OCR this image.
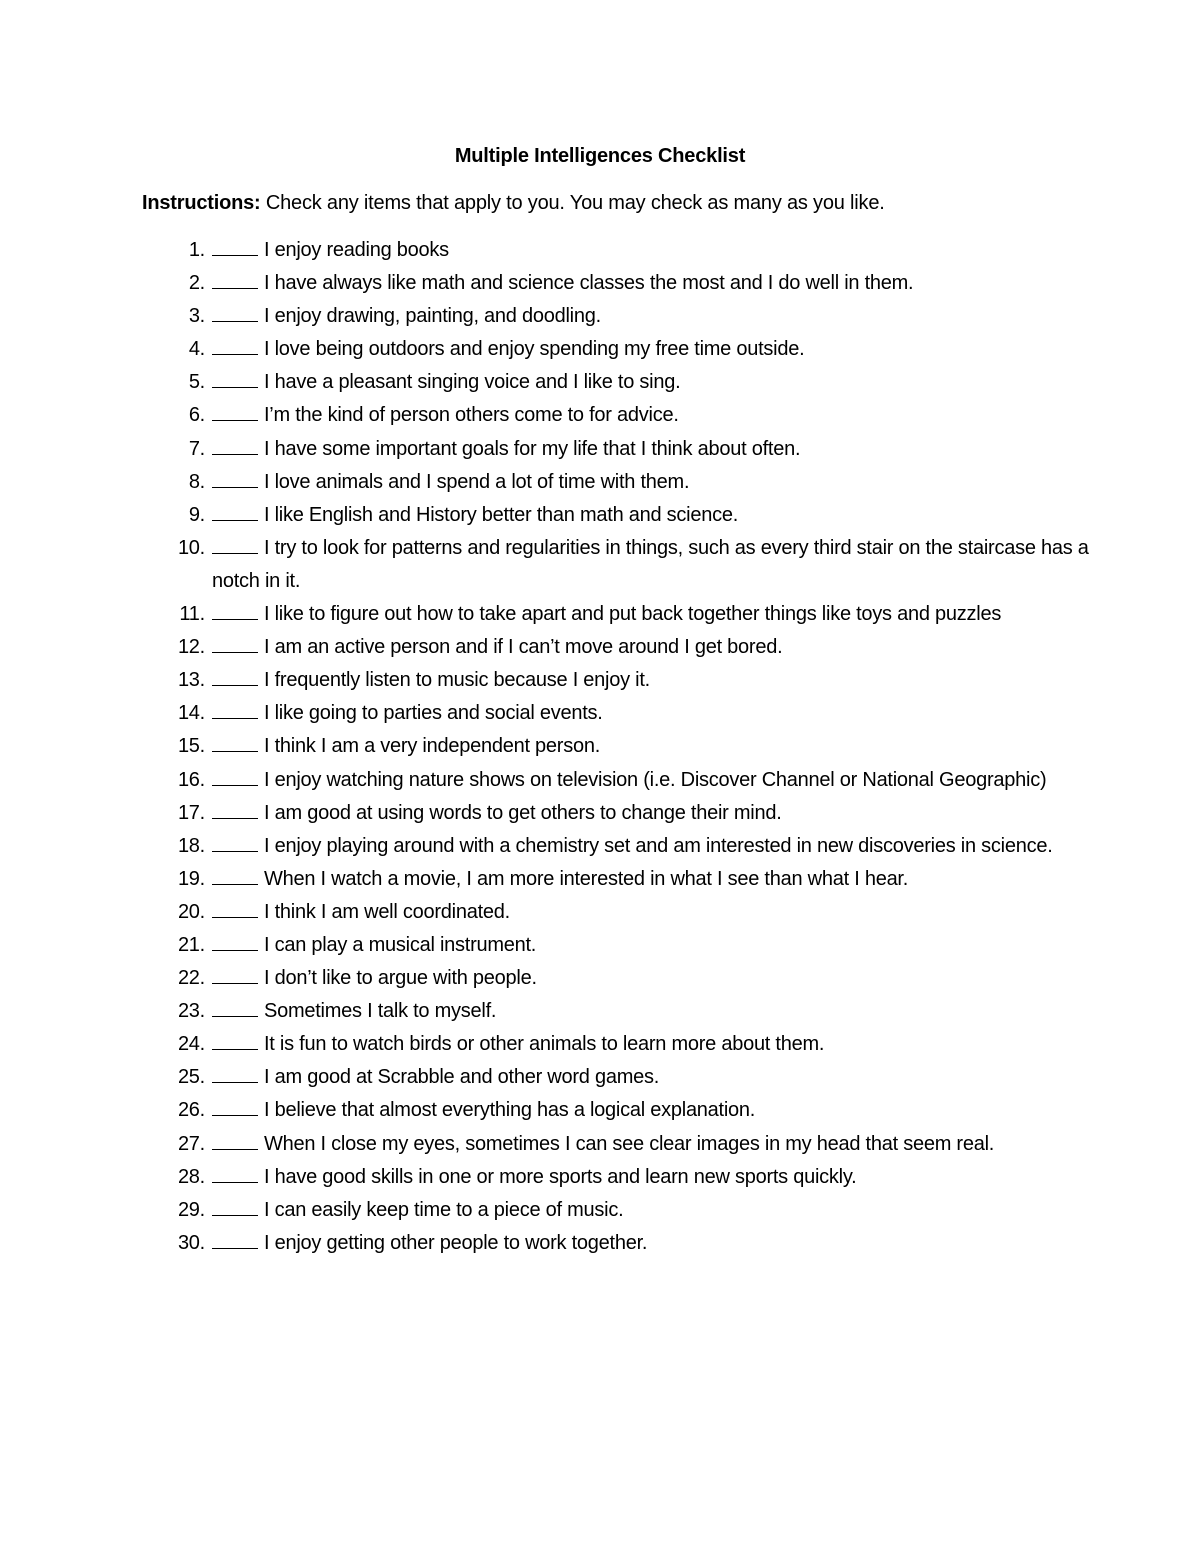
Multiple Intelligences Checklist
Instructions: Check any items that apply to you. You may check as many as you like.
1.	I enjoy reading books
2.	I have always like math and science classes the most and I do well in them.
3.	I enjoy drawing, painting, and doodling.
4.	I love being outdoors and enjoy spending my free time outside.
5.	I have a pleasant singing voice and I like to sing.
6.	I’m the kind of person others come to for advice.
7.	I have some important goals for my life that I think about often.
8.	I love animals and I spend a lot of time with them.
9.	I like English and History better than math and science.
10.	I try to look for patterns and regularities in things, such as every third stair on the staircase has a notch in it.
11.	I like to figure out how to take apart and put back together things like toys and puzzles
12.	I am an active person and if I can’t move around I get bored.
13.	I frequently listen to music because I enjoy it.
14.	I like going to parties and social events.
15.	I think I am a very independent person.
16.	I enjoy watching nature shows on television (i.e. Discover Channel or National Geographic)
17.	I am good at using words to get others to change their mind.
18.	I enjoy playing around with a chemistry set and am interested in new discoveries in science.
19.	When I watch a movie, I am more interested in what I see than what I hear.
20.	I think I am well coordinated.
21.	I can play a musical instrument.
22.	I don’t like to argue with people.
23.	Sometimes I talk to myself.
24.	It is fun to watch birds or other animals to learn more about them.
25.	I am good at Scrabble and other word games.
26.	I believe that almost everything has a logical explanation.
27.	When I close my eyes, sometimes I can see clear images in my head that seem real.
28.	I have good skills in one or more sports and learn new sports quickly.
29.	I can easily keep time to a piece of music.
30.	I enjoy getting other people to work together.
